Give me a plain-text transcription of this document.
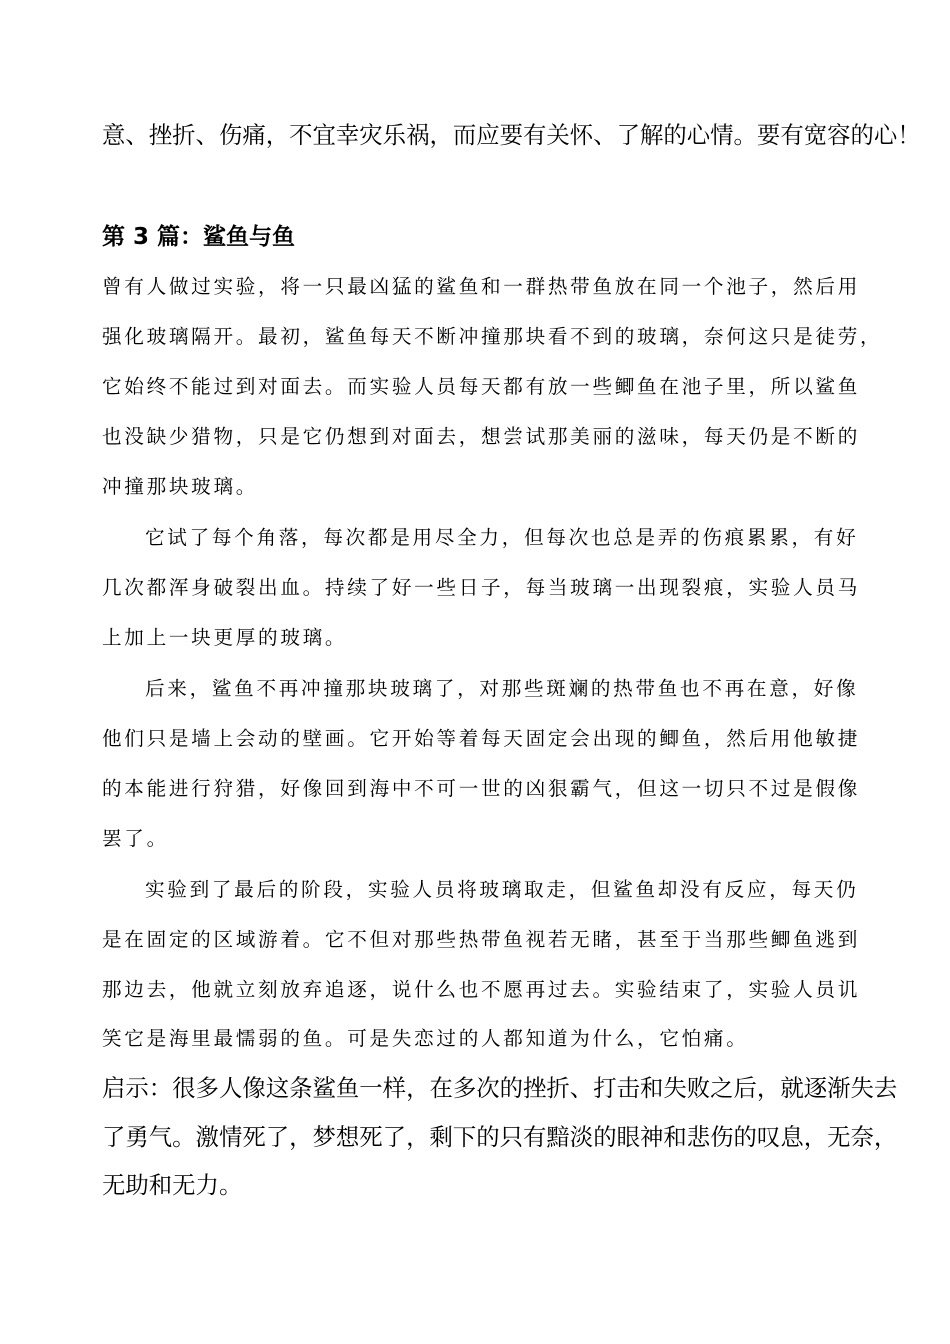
意、挫折、伤痛，不宜幸灾乐祸，而应要有关怀、了解的心情。要有宽容的心！

第 3 篇：鲨鱼与鱼

曾有人做过实验，将一只最凶猛的鲨鱼和一群热带鱼放在同一个池子，然后用

强化玻璃隔开。最初，鲨鱼每天不断冲撞那块看不到的玻璃，奈何这只是徒劳，

它始终不能过到对面去。而实验人员每天都有放一些鲫鱼在池子里，所以鲨鱼

也没缺少猎物，只是它仍想到对面去，想尝试那美丽的滋味，每天仍是不断的

冲撞那块玻璃。

它试了每个角落，每次都是用尽全力，但每次也总是弄的伤痕累累，有好

几次都浑身破裂出血。持续了好一些日子，每当玻璃一出现裂痕，实验人员马

上加上一块更厚的玻璃。

后来，鲨鱼不再冲撞那块玻璃了，对那些斑斓的热带鱼也不再在意，好像

他们只是墙上会动的壁画。它开始等着每天固定会出现的鲫鱼，然后用他敏捷

的本能进行狩猎，好像回到海中不可一世的凶狠霸气，但这一切只不过是假像

罢了。

实验到了最后的阶段，实验人员将玻璃取走，但鲨鱼却没有反应，每天仍

是在固定的区域游着。它不但对那些热带鱼视若无睹，甚至于当那些鲫鱼逃到

那边去，他就立刻放弃追逐，说什么也不愿再过去。实验结束了，实验人员讥

笑它是海里最懦弱的鱼。可是失恋过的人都知道为什么，它怕痛。

启示：很多人像这条鲨鱼一样，在多次的挫折、打击和失败之后，就逐渐失去

了勇气。激情死了，梦想死了，剩下的只有黯淡的眼神和悲伤的叹息，无奈，

无助和无力。
